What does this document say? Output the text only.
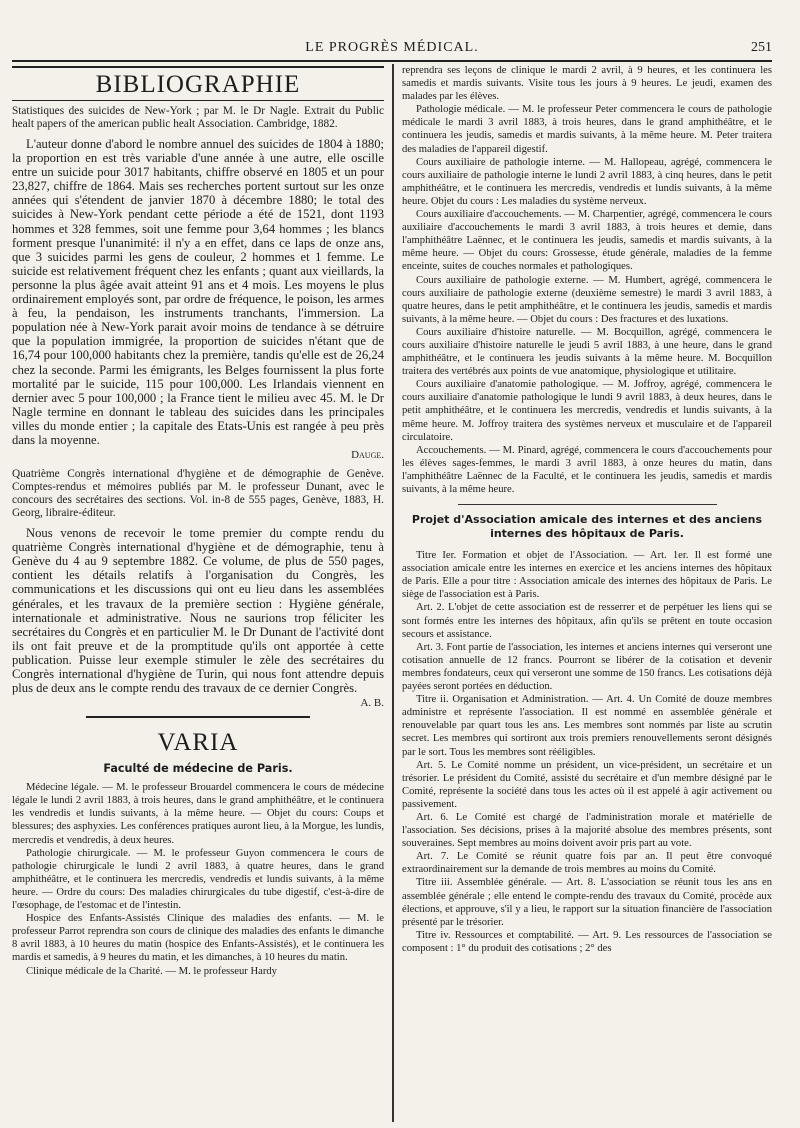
LE PROGRÈS MÉDICAL.	251
BIBLIOGRAPHIE

Statistiques des suicides de New-York ; par M. le Dr Nagle. Extrait du Public healt papers of the american public healt Association. Cambridge, 1882.

L'auteur donne d'abord le nombre annuel des suicides de 1804 à 1880; la proportion en est très variable d'une année à une autre, elle oscille entre un suicide pour 3017 habitants, chiffre observé en 1805 et un pour 23,827, chiffre de 1864. Mais ses recherches portent surtout sur les onze années qui s'étendent de janvier 1870 à décembre 1880; le total des suicides à New-York pendant cette période a été de 1521, dont 1193 hommes et 328 femmes, soit une femme pour 3,64 hommes ; les blancs forment presque l'unanimité: il n'y a en effet, dans ce laps de onze ans, que 3 suicides parmi les gens de couleur, 2 hommes et 1 femme. Le suicide est relativement fréquent chez les enfants ; quant aux vieillards, la personne la plus âgée avait atteint 91 ans et 4 mois. Les moyens le plus ordinairement employés sont, par ordre de fréquence, le poison, les armes à feu, la pendaison, les instruments tranchants, l'immersion. La population née à New-York parait avoir moins de tendance à se détruire que la population immigrée, la proportion de suicides n'étant que de 16,74 pour 100,000 habitants chez la première, tandis qu'elle est de 26,24 chez la seconde. Parmi les émigrants, les Belges fournissent la plus forte mortalité par le suicide, 115 pour 100,000. Les Irlandais viennent en dernier avec 5 pour 100,000 ; la France tient le milieu avec 45. M. le Dr Nagle termine en donnant le tableau des suicides dans les principales villes du monde entier ; la capitale des Etats-Unis est rangée à peu près dans la moyenne.

Dauge.

Quatrième Congrès international d'hygiène et de démographie de Genève. Comptes-rendus et mémoires publiés par M. le professeur Dunant, avec le concours des secrétaires des sections. Vol. in-8 de 555 pages, Genève, 1883, H. Georg, libraire-éditeur.

Nous venons de recevoir le tome premier du compte rendu du quatrième Congrès international d'hygiène et de démographie, tenu à Genève du 4 au 9 septembre 1882. Ce volume, de plus de 550 pages, contient les détails relatifs à l'organisation du Congrès, les communications et les discussions qui ont eu lieu dans les assemblées générales, et les travaux de la première section : Hygiène générale, internationale et administrative. Nous ne saurions trop féliciter les secrétaires du Congrès et en particulier M. le Dr Dunant de l'activité dont ils ont fait preuve et de la promptitude qu'ils ont apportée à cette publication. Puisse leur exemple stimuler le zèle des secrétaires du Congrès international d'hygiène de Turin, qui nous font attendre depuis plus de deux ans le compte rendu des travaux de ce dernier Congrès.

A. B.
VARIA
Faculté de médecine de Paris.

Médecine légale. — M. le professeur Brouardel commencera le cours de médecine légale le lundi 2 avril 1883, à trois heures, dans le grand amphithéâtre, et le continuera les vendredis et lundis suivants, à la même heure. — Objet du cours: Coups et blessures; des asphyxies. Les conférences pratiques auront lieu, à la Morgue, les lundis, mercredis et vendredis, à deux heures.

Pathologie chirurgicale. — M. le professeur Guyon commencera le cours de pathologie chirurgicale le lundi 2 avril 1883, à quatre heures, dans le grand amphithéâtre, et le continuera les mercredis, vendredis et lundis suivants, à la même heure. — Ordre du cours: Des maladies chirurgicales du tube digestif, c'est-à-dire de l'œsophage, de l'estomac et de l'intestin.

Hospice des Enfants-Assistés Clinique des maladies des enfants. — M. le professeur Parrot reprendra son cours de clinique des maladies des enfants le dimanche 8 avril 1883, à 10 heures du matin (hospice des Enfants-Assistés), et le continuera les mardis et samedis, à 9 heures du matin, et les dimanches, à 10 heures du matin.

Clinique médicale de la Charité. — M. le professeur Hardy

reprendra ses leçons de clinique le mardi 2 avril, à 9 heures, et les continuera les samedis et mardis suivants. Visite tous les jours à 9 heures. Le jeudi, examen des malades par les élèves.

Pathologie médicale. — M. le professeur Peter commencera le cours de pathologie médicale le mardi 3 avril 1883, à trois heures, dans le grand amphithéâtre, et le continuera les jeudis, samedis et mardis suivants, à la même heure. M. Peter traitera des maladies de l'appareil digestif.

Cours auxiliaire de pathologie interne. — M. Hallopeau, agrégé, commencera le cours auxiliaire de pathologie interne le lundi 2 avril 1883, à cinq heures, dans le petit amphithéâtre, et le continuera les mercredis, vendredis et lundis suivants, à la même heure. Objet du cours : Les maladies du système nerveux.

Cours auxiliaire d'accouchements. — M. Charpentier, agrégé, commencera le cours auxiliaire d'accouchements le mardi 3 avril 1883, à trois heures et demie, dans l'amphithéâtre Laënnec, et le continuera les jeudis, samedis et mardis suivants, à la même heure. — Objet du cours: Grossesse, étude générale, maladies de la femme enceinte, suites de couches normales et pathologiques.

Cours auxiliaire de pathologie externe. — M. Humbert, agrégé, commencera le cours auxiliaire de pathologie externe (deuxième semestre) le mardi 3 avril 1883, à quatre heures, dans le petit amphithéâtre, et le continuera les jeudis, samedis et mardis suivants, à la même heure. — Objet du cours : Des fractures et des luxations.

Cours auxiliaire d'histoire naturelle. — M. Bocquillon, agrégé, commencera le cours auxiliaire d'histoire naturelle le jeudi 5 avril 1883, à une heure, dans le grand amphithéâtre, et le continuera les jeudis suivants à la même heure. M. Bocquillon traitera des vertébrés aux points de vue anatomique, physiologique et utilitaire.

Cours auxiliaire d'anatomie pathologique. — M. Joffroy, agrégé, commencera le cours auxiliaire d'anatomie pathologique le lundi 9 avril 1883, à deux heures, dans le petit amphithéâtre, et le continuera les mercredis, vendredis et lundis suivants, à la même heure. M. Joffroy traitera des systèmes nerveux et musculaire et de l'appareil circulatoire.

Accouchements. — M. Pinard, agrégé, commencera le cours d'accouchements pour les élèves sages-femmes, le mardi 3 avril 1883, à onze heures du matin, dans l'amphithéâtre Laënnec de la Faculté, et le continuera les jeudis, samedis et mardis suivants, à la même heure.

Projet d'Association amicale des internes et des anciens internes des hôpitaux de Paris.

Titre Ier. Formation et objet de l'Association. — Art. 1er. Il est formé une association amicale entre les internes en exercice et les anciens internes des hôpitaux de Paris. Elle a pour titre : Association amicale des internes des hôpitaux de Paris. Le siège de l'association est à Paris.

Art. 2. L'objet de cette association est de resserrer et de perpétuer les liens qui se sont formés entre les internes des hôpitaux, afin qu'ils se prêtent en toute occasion secours et assistance.

Art. 3. Font partie de l'association, les internes et anciens internes qui verseront une cotisation annuelle de 12 francs. Pourront se libérer de la cotisation et devenir membres fondateurs, ceux qui verseront une somme de 150 francs. Les cotisations déjà payées seront portées en déduction.

Titre ii. Organisation et Administration. — Art. 4. Un Comité de douze membres administre et représente l'association. Il est nommé en assemblée générale et renouvelable par quart tous les ans. Les membres sont nommés par liste au scrutin secret. Les membres qui sortiront aux trois premiers renouvellements seront désignés par le sort. Tous les membres sont rééligibles.

Art. 5. Le Comité nomme un président, un vice-président, un secrétaire et un trésorier. Le président du Comité, assisté du secrétaire et d'un membre désigné par le Comité, représente la société dans tous les actes où il est appelé à agir activement ou passivement.

Art. 6. Le Comité est chargé de l'administration morale et matérielle de l'association. Ses décisions, prises à la majorité absolue des membres présents, sont souveraines. Sept membres au moins doivent avoir pris part au vote.

Art. 7. Le Comité se réunit quatre fois par an. Il peut être convoqué extraordinairement sur la demande de trois membres au moins du Comité.

Titre iii. Assemblée générale. — Art. 8. L'association se réunit tous les ans en assemblée générale ; elle entend le compte-rendu des travaux du Comité, procède aux élections, et approuve, s'il y a lieu, le rapport sur la situation financière de l'association présenté par le trésorier.

Titre iv. Ressources et comptabilité. — Art. 9. Les ressources de l'association se composent : 1° du produit des cotisations ; 2° des
